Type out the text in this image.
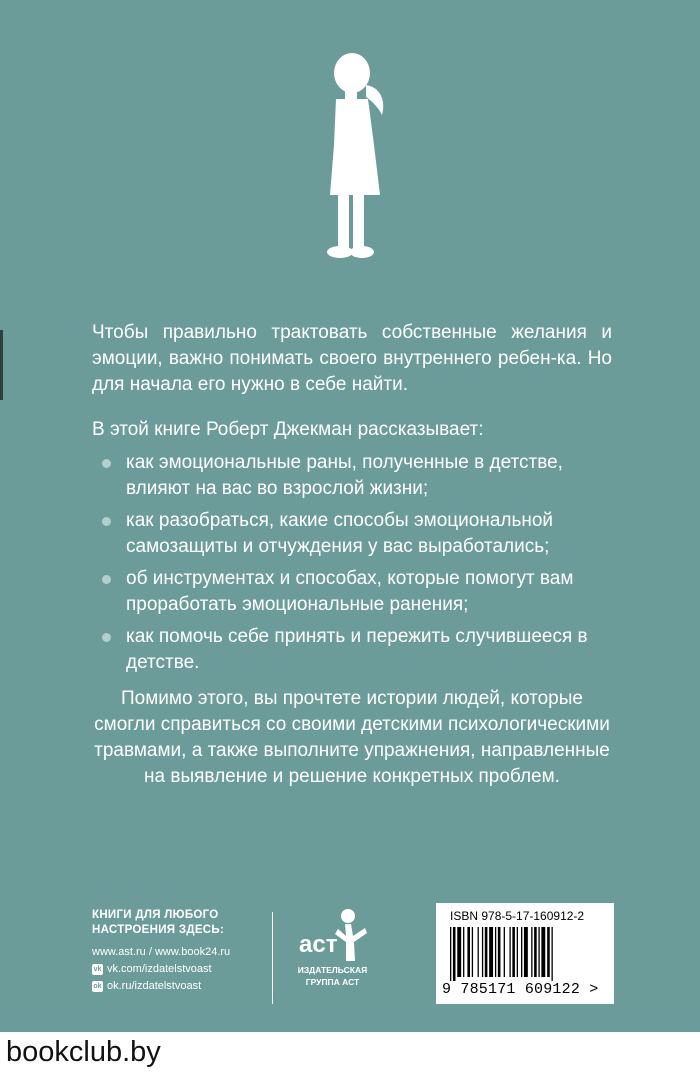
Чтобы правильно трактовать собственные желания и эмоции, важно понимать своего внутреннего ребен-ка. Но для начала его нужно в себе найти.

В этой книге Роберт Джекман рассказывает:

как эмоциональные раны, полученные в детстве, влияют на вас во взрослой жизни;
как разобраться, какие способы эмоциональной самозащиты и отчуждения у вас выработались;
об инструментах и способах, которые помогут вам проработать эмоциональные ранения;
как помочь себе принять и пережить случившееся в детстве.

Помимо этого, вы прочтете истории людей, которые смогли справиться со своими детскими психологическими травмами, а также выполните упражнения, направленные на выявление и решение конкретных проблем.

КНИГИ ДЛЯ ЛЮБОГО
НАСТРОЕНИЯ ЗДЕСЬ:
www.ast.ru / www.book24.ru
vk vk.com/izdatelstvoast
ok ok.ru/izdatelstvoast
аст
ИЗДАТЕЛЬСКАЯ
ГРУППА АСТ
ISBN 978-5-17-160912-2
9 785171 609122 >
bookclub.by
